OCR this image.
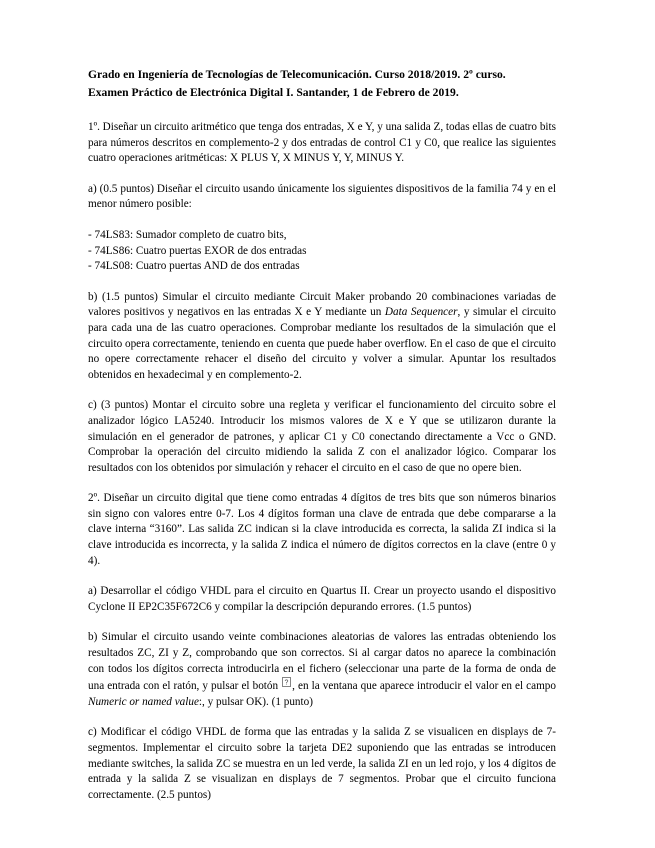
Grado en Ingeniería de Tecnologías de Telecomunicación. Curso 2018/2019. 2º curso.
Examen Práctico de Electrónica Digital I. Santander, 1 de Febrero de 2019.

1º. Diseñar un circuito aritmético que tenga dos entradas, X e Y, y una salida Z, todas ellas de cuatro bits para números descritos en complemento-2 y dos entradas de control C1 y C0, que realice las siguientes cuatro operaciones aritméticas: X PLUS Y, X MINUS Y, Y, MINUS Y.

a) (0.5 puntos) Diseñar el circuito usando únicamente los siguientes dispositivos de la familia 74 y en el menor número posible:

- 74LS83: Sumador completo de cuatro bits,
- 74LS86: Cuatro puertas EXOR de dos entradas
- 74LS08: Cuatro puertas AND de dos entradas

b) (1.5 puntos) Simular el circuito mediante Circuit Maker probando 20 combinaciones variadas de valores positivos y negativos en las entradas X e Y mediante un Data Sequencer, y simular el circuito para cada una de las cuatro operaciones. Comprobar mediante los resultados de la simulación que el circuito opera correctamente, teniendo en cuenta que puede haber overflow. En el caso de que el circuito no opere correctamente rehacer el diseño del circuito y volver a simular. Apuntar los resultados obtenidos en hexadecimal y en complemento-2.

c) (3 puntos) Montar el circuito sobre una regleta y verificar el funcionamiento del circuito sobre el analizador lógico LA5240. Introducir los mismos valores de X e Y que se utilizaron durante la simulación en el generador de patrones, y aplicar C1 y C0 conectando directamente a Vcc o GND. Comprobar la operación del circuito midiendo la salida Z con el analizador lógico. Comparar los resultados con los obtenidos por simulación y rehacer el circuito en el caso de que no opere bien.

2º. Diseñar un circuito digital que tiene como entradas 4 dígitos de tres bits que son números binarios sin signo con valores entre 0-7. Los 4 dígitos forman una clave de entrada que debe compararse a la clave interna “3160”. Las salida ZC indican si la clave introducida es correcta, la salida ZI indica si la clave introducida es incorrecta, y la salida Z indica el número de dígitos correctos en la clave (entre 0 y 4).

a) Desarrollar el código VHDL para el circuito en Quartus II. Crear un proyecto usando el dispositivo Cyclone II EP2C35F672C6 y compilar la descripción depurando errores. (1.5 puntos)

b) Simular el circuito usando veinte combinaciones aleatorias de valores las entradas obteniendo los resultados ZC, ZI y Z, comprobando que son correctos. Si al cargar datos no aparece la combinación con todos los dígitos correcta introducirla en el fichero (seleccionar una parte de la forma de onda de una entrada con el ratón, y pulsar el botón ? , en la ventana que aparece introducir el valor en el campo Numeric or named value:, y pulsar OK). (1 punto)

c) Modificar el código VHDL de forma que las entradas y la salida Z se visualicen en displays de 7-segmentos. Implementar el circuito sobre la tarjeta DE2 suponiendo que las entradas se introducen mediante switches, la salida ZC se muestra en un led verde, la salida ZI en un led rojo, y los 4 dígitos de entrada y la salida Z se visualizan en displays de 7 segmentos. Probar que el circuito funciona correctamente. (2.5 puntos)
